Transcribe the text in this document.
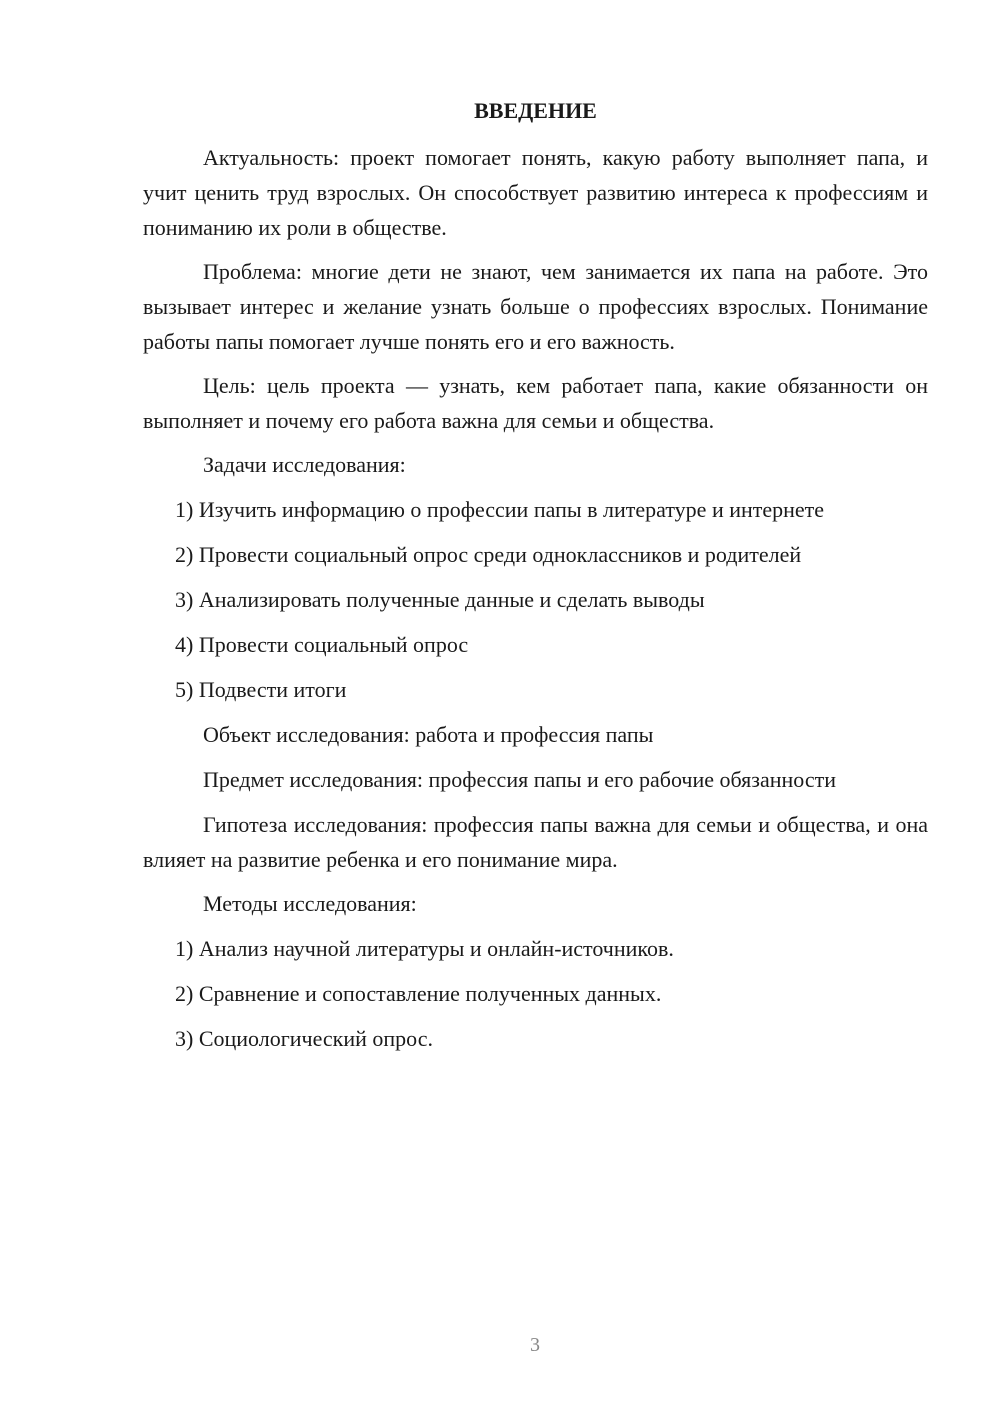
ВВЕДЕНИЕ

Актуальность: проект помогает понять, какую работу выполняет папа, и учит ценить труд взрослых. Он способствует развитию интереса к профессиям и пониманию их роли в обществе.

Проблема: многие дети не знают, чем занимается их папа на работе. Это вызывает интерес и желание узнать больше о профессиях взрослых. Понимание работы папы помогает лучше понять его и его важность.

Цель: цель проекта — узнать, кем работает папа, какие обязанности он выполняет и почему его работа важна для семьи и общества.

Задачи исследования:
1) Изучить информацию о профессии папы в литературе и интернете
2) Провести социальный опрос среди одноклассников и родителей
3) Анализировать полученные данные и сделать выводы
4) Провести социальный опрос
5) Подвести итоги
Объект исследования: работа и профессия папы
Предмет исследования: профессия папы и его рабочие обязанности

Гипотеза исследования: профессия папы важна для семьи и общества, и она влияет на развитие ребенка и его понимание мира.

Методы исследования:
1) Анализ научной литературы и онлайн-источников.
2) Сравнение и сопоставление полученных данных.
3) Социологический опрос.
3
